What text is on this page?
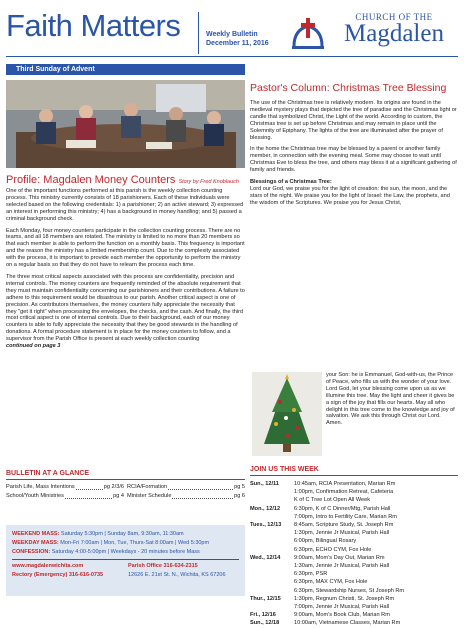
Faith Matters	Weekly Bulletin
December 11, 2016
CHURCH OF THE
Magdalen
Third Sunday of Advent
Profile: Magdalen Money Counters Story by Fred Knoblauch

One of the important functions performed at this parish is the weekly collection counting process. This ministry currently consists of 18 parishioners. Each of these individuals were selected based on the following credentials: 1) a parishioner; 2) an active steward; 3) expressed an interest in performing this ministry; 4) has a background in money handling; and 5) passed a criminal background check.

Each Monday, four money counters participate in the collection counting process. There are no teams, and all 18 members are rotated. The ministry is limited to no more than 20 members so that each member is able to perform the function on a monthly basis. This frequency is important and the reason the ministry has a limited membership count. Due to the complexity associated with the process, it is important to provide each member the opportunity to perform the ministry on a regular basis so that they do not have to relearn the process each time.

The three most critical aspects associated with this process are confidentiality, precision and internal controls. The money counters are frequently reminded of the absolute requirement that they must maintain confidentiality concerning our parishioners and their contributions. A failure to adhere to this requirement would be disastrous to our parish. Another critical aspect is one of precision. As contributors themselves, the money counters fully appreciate the necessity that they "get it right" when processing the envelopes, the checks, and the cash. And finally, the third most critical aspect is one of internal controls. Due to their background, each of our money counters is able to fully appreciate the necessity that they be good stewards in the handling of donations. A formal procedure statement is in place for the money counters to follow, and a supervisor from the Parish Office is present at each weekly collection counting

continued on page 3

BULLETIN AT A GLANCE
Parish Life, Mass Intentions	pg 2/3/6 RCIA/Formation	pg 5
School/Youth Ministries	pg 4 Minister Schedule	pg 6
WEEKEND MASS: Saturday 5:30pm | Sunday 8am, 9:30am, 11:30am
WEEKDAY MASS: Mon-Fri 7:00am | Mon, Tue, Thurs-Sat 8:00am | Wed 5:30pm
CONFESSION: Saturday 4:00-5:00pm | Weekdays - 20 minutes before Mass
www.magdalenwichita.com	Parish Office 316-634-2315
Rectory (Emergency) 316-616-0735	12626 E. 21st St. N., Wichita, KS 67206
Pastor's Column: Christmas Tree Blessing

The use of the Christmas tree is relatively modern. Its origins are found in the medieval mystery plays that depicted the tree of paradise and the Christmas light or candle that symbolized Christ, the Light of the world. According to custom, the Christmas tree is set up before Christmas and may remain in place until the Solemnity of Epiphany. The lights of the tree are illuminated after the prayer of blessing.

In the home the Christmas tree may be blessed by a parent or another family member, in connection with the evening meal. Some may choose to wait until Christmas Eve to bless the tree, and others may bless it at a significant gathering of family and friends.

Blessings of a Christmas Tree:

Lord our God, we praise you for the light of creation: the sun, the moon, and the stars of the night. We praise you for the light of Israel: the Law, the prophets, and the wisdom of the Scriptures. We praise you for Jesus Christ,

your Son: he is Emmanuel, God-with-us, the Prince of Peace, who fills us with the wonder of your love. Lord God, let your blessing come upon us as we illumine this tree. May the light and cheer it gives be a sign of the joy that fills our hearts. May all who delight in this tree come to the knowledge and joy of salvation. We ask this through Christ our Lord. Amen.
JOIN US THIS WEEK
Sun., 12/11	10:45am, RCIA Presentation, Marian Rm
1:00pm, Confirmation Retreat, Cafeteria
K of C Tree Lot Open All Week
Mon., 12/12	6:30pm, K of C Dinner/Mtg, Parish Hall
7:00pm, Intro to Fertility Care, Marian Rm
Tues., 12/13	8:45am, Scripture Study, St. Joseph Rm
1:30pm, Jennie Jr Musical, Parish Hall
6:00pm, Bilingual Rosary
6:30pm, ECHO CYM, Fox Hole
Wed., 12/14	9:00am, Mom's Day Out, Marian Rm
1:30am, Jennie Jr Musical, Parish Hall
6:30pm, PSR
6:30pm, MAX CYM, Fox Hole
6:30pm, Stewardship Nurses, St Joseph Rm
Thur., 12/15	1:30pm, Regnum Christi, St. Joseph Rm
7:00pm, Jennie Jr Musical, Parish Hall
Fri., 12/16	9:00am, Mom's Book Club, Marian Rm
Sun., 12/18	10:00am, Vietnamese Classes, Marian Rm
